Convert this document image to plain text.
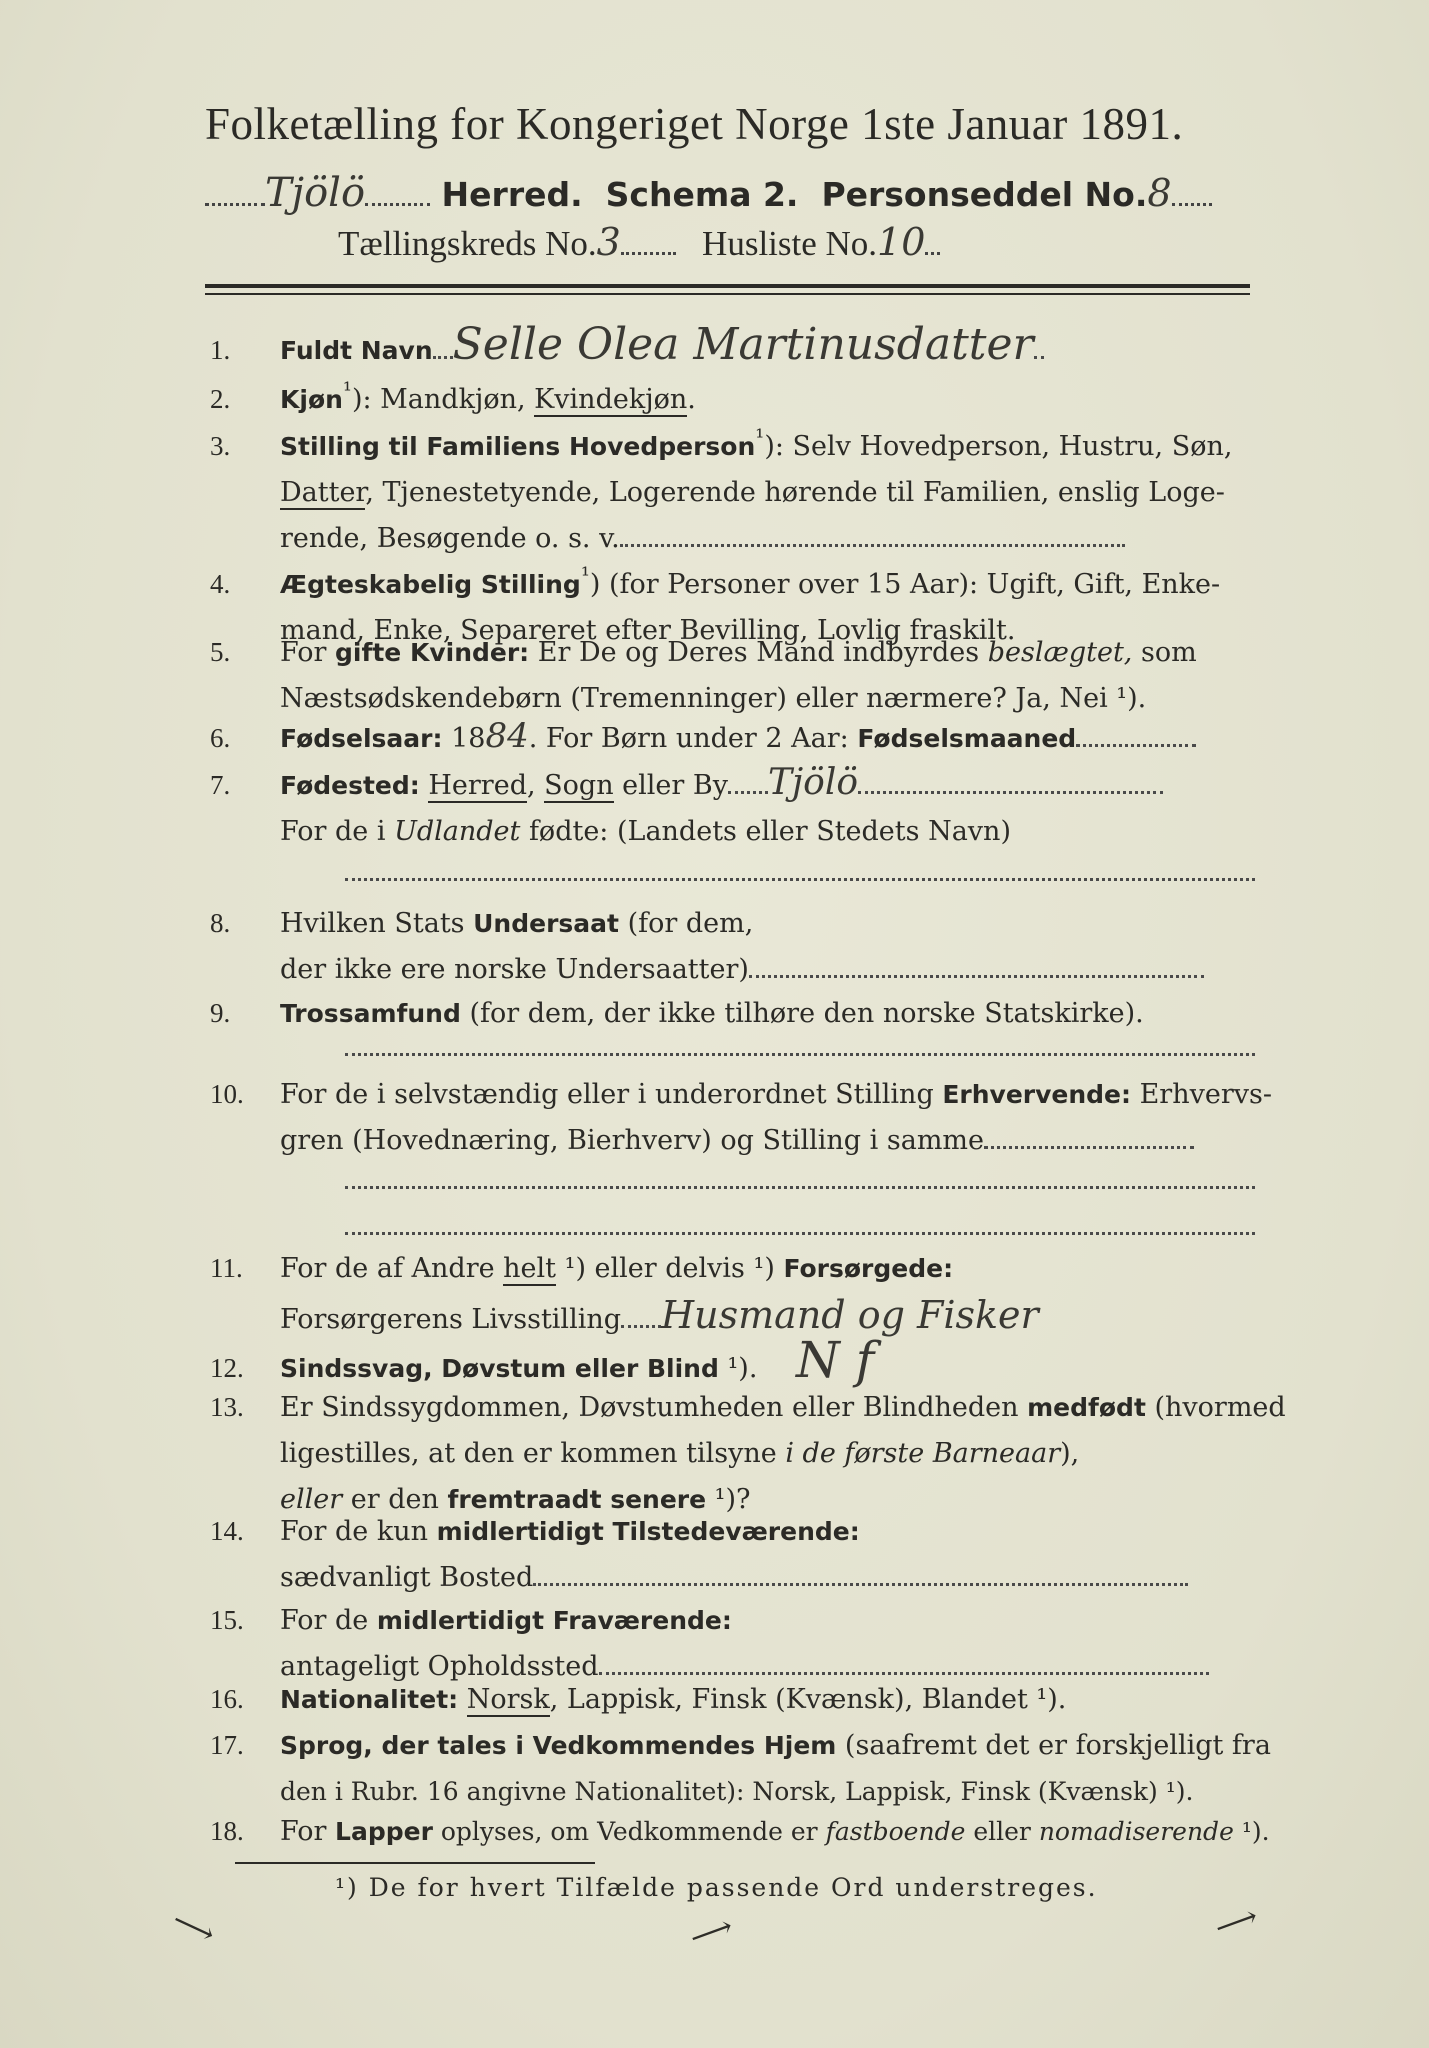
Folketælling for Kongeriget Norge 1ste Januar 1891.
Tjölö Herred. Schema 2. Personseddel No.8
Tællingskreds No.3 Husliste No.10
1. Fuldt Navn Selle Olea Martinusdatter
2. Kjøn$^{^1}$): Mandkjøn, Kvindekjøn.
3. Stilling til Familiens Hovedperson$^{^1}$): Selv Hovedperson, Hustru, Søn,
Datter, Tjenestetyende, Logerende hørende til Familien, enslig Loge-
rende, Besøgende o. s. v.
4. Ægteskabelig Stilling$^{^1}$) (for Personer over 15 Aar): Ugift, Gift, Enke-
mand, Enke, Separeret efter Bevilling, Lovlig fraskilt.
5. For gifte Kvinder: Er De og Deres Mand indbyrdes beslægtet, som
Næstsødskendebørn (Tremenninger) eller nærmere? Ja, Nei ¹).
6. Fødselsaar: 1884. For Børn under 2 Aar: Fødselsmaaned
7. Fødested: Herred, Sogn eller By Tjölö
For de i Udlandet fødte: (Landets eller Stedets Navn)
8. Hvilken Stats Undersaat (for dem,
der ikke ere norske Undersaatter)
9. Trossamfund (for dem, der ikke tilhøre den norske Statskirke).
10. For de i selvstændig eller i underordnet Stilling Erhvervende: Erhvervs-
gren (Hovednæring, Bierhverv) og Stilling i samme
11. For de af Andre helt ¹) eller delvis ¹) Forsørgede:
Forsørgerens Livsstilling Husmand og Fisker
12. Sindssvag, Døvstum eller Blind ¹). N f
13. Er Sindssygdommen, Døvstumheden eller Blindheden medfødt (hvormed
ligestilles, at den er kommen tilsyne i de første Barneaar),
eller er den fremtraadt senere ¹)?
14. For de kun midlertidigt Tilstedeværende:
sædvanligt Bosted
15. For de midlertidigt Fraværende:
antageligt Opholdssted
16. Nationalitet: Norsk, Lappisk, Finsk (Kvænsk), Blandet ¹).
17. Sprog, der tales i Vedkommendes Hjem (saafremt det er forskjelligt fra
den i Rubr. 16 angivne Nationalitet): Norsk, Lappisk, Finsk (Kvænsk) ¹).
18. For Lapper oplyses, om Vedkommende er fastboende eller nomadiserende ¹).
¹) De for hvert Tilfælde passende Ord understreges.
⟶	⟶	⟶
